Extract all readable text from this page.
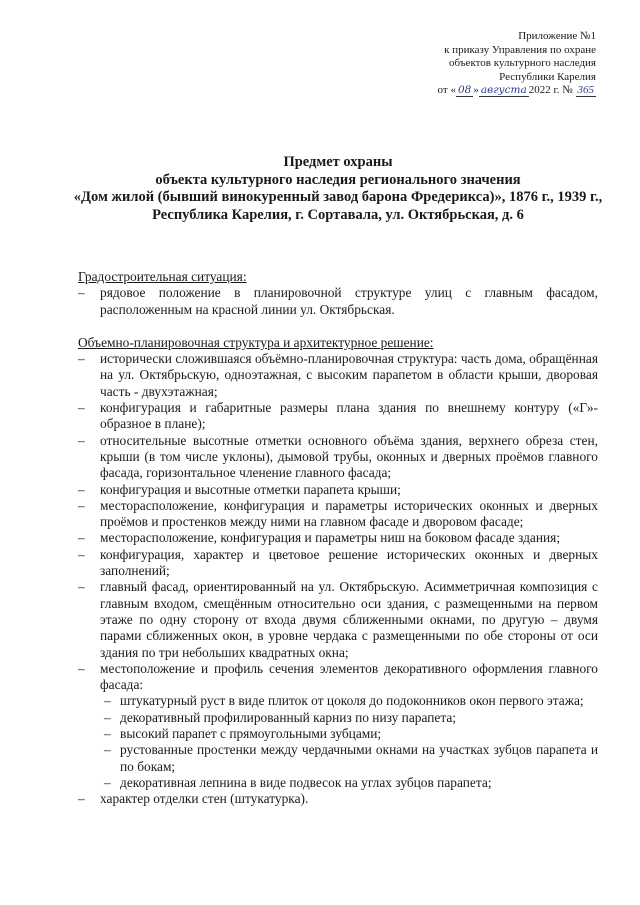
Приложение №1
к приказу Управления по охране
объектов культурного наследия
Республики Карелия
от « 08 » августа 2022 г. № 365
Предмет охраны
объекта культурного наследия регионального значения
«Дом жилой (бывший винокуренный завод барона Фредерикса)», 1876 г., 1939 г.,
Республика Карелия, г. Сортавала, ул. Октябрьская, д. 6

Градостроительная ситуация:

– рядовое положение в планировочной структуре улиц с главным фасадом, расположенным на красной линии ул. Октябрьская.

Объемно-планировочная структура и архитектурное решение:

– исторически сложившаяся объёмно-планировочная структура: часть дома, обращённая на ул. Октябрьскую, одноэтажная, с высоким парапетом в области крыши, дворовая часть - двухэтажная;
– конфигурация и габаритные размеры плана здания по внешнему контуру («Г»-образное в плане);
– относительные высотные отметки основного объёма здания, верхнего обреза стен, крыши (в том числе уклоны), дымовой трубы, оконных и дверных проёмов главного фасада, горизонтальное членение главного фасада;
– конфигурация и высотные отметки парапета крыши;
– месторасположение, конфигурация и параметры исторических оконных и дверных проёмов и простенков между ними на главном фасаде и дворовом фасаде;
– месторасположение, конфигурация и параметры ниш на боковом фасаде здания;
– конфигурация, характер и цветовое решение исторических оконных и дверных заполнений;
– главный фасад, ориентированный на ул. Октябрьскую. Асимметричная композиция с главным входом, смещённым относительно оси здания, с размещенными на первом этаже по одну сторону от входа двумя сближенными окнами, по другую – двумя парами сближенных окон, в уровне чердака с размещенными по обе стороны от оси здания по три небольших квадратных окна;
– местоположение и профиль сечения элементов декоративного оформления главного фасада:
– штукатурный руст в виде плиток от цоколя до подоконников окон первого этажа;
– декоративный профилированный карниз по низу парапета;
– высокий парапет с прямоугольными зубцами;
– рустованные простенки между чердачными окнами на участках зубцов парапета и по бокам;
– декоративная лепнина в виде подвесок на углах зубцов парапета;
– характер отделки стен (штукатурка).
